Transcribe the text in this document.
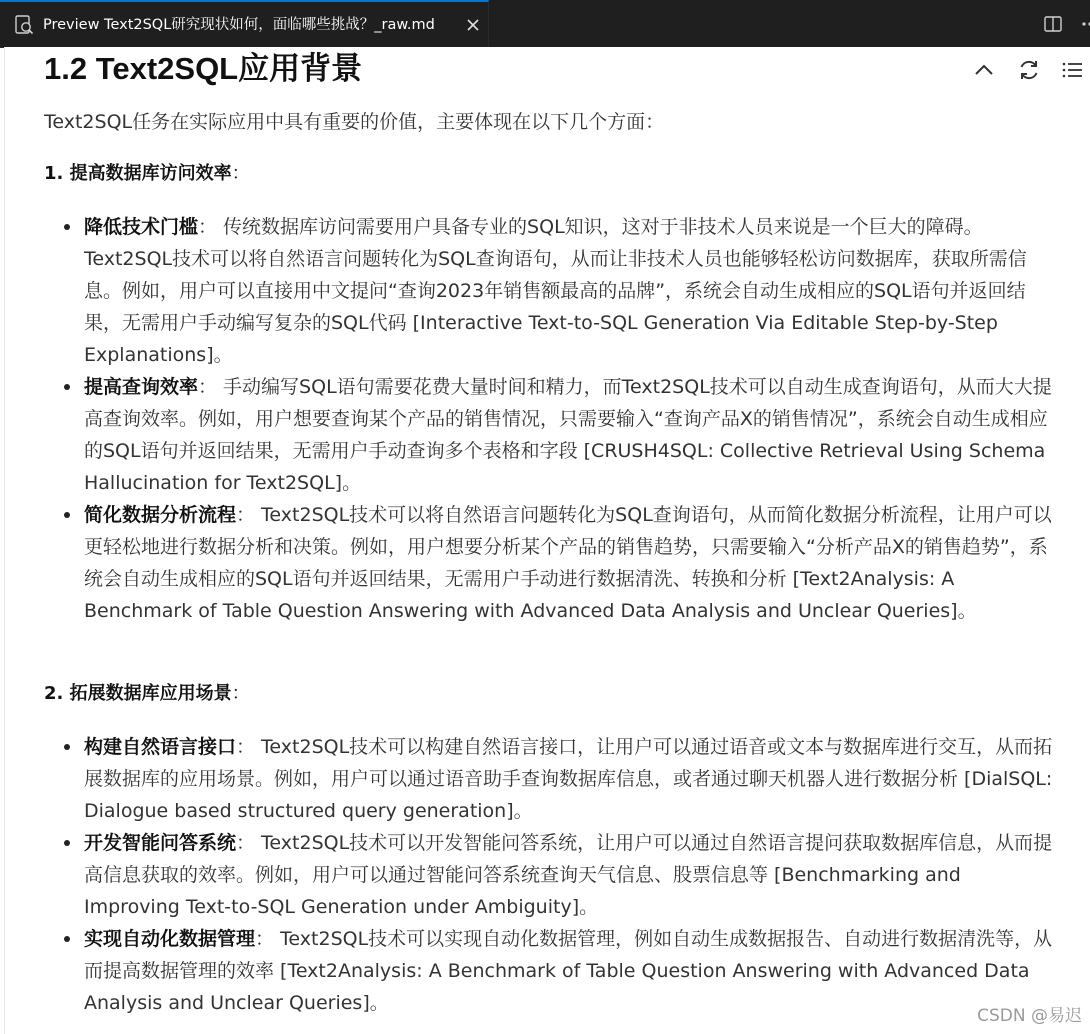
Preview Text2SQL研究现状如何，面临哪些挑战？_raw.md
1.2 Text2SQL应用背景

Text2SQL任务在实际应用中具有重要的价值，主要体现在以下几个方面：

1. 提高数据库访问效率：

降低技术门槛： 传统数据库访问需要用户具备专业的SQL知识，这对于非技术人员来说是一个巨大的障碍。Text2SQL技术可以将自然语言问题转化为SQL查询语句，从而让非技术人员也能够轻松访问数据库，获取所需信息。例如，用户可以直接用中文提问“查询2023年销售额最高的品牌”，系统会自动生成相应的SQL语句并返回结果，无需用户手动编写复杂的SQL代码 [Interactive Text-to-SQL Generation Via Editable Step-by-Step Explanations]。
提高查询效率： 手动编写SQL语句需要花费大量时间和精力，而Text2SQL技术可以自动生成查询语句，从而大大提高查询效率。例如，用户想要查询某个产品的销售情况，只需要输入“查询产品X的销售情况”，系统会自动生成相应的SQL语句并返回结果，无需用户手动查询多个表格和字段 [CRUSH4SQL: Collective Retrieval Using Schema Hallucination for Text2SQL]。
简化数据分析流程： Text2SQL技术可以将自然语言问题转化为SQL查询语句，从而简化数据分析流程，让用户可以更轻松地进行数据分析和决策。例如，用户想要分析某个产品的销售趋势，只需要输入“分析产品X的销售趋势”，系统会自动生成相应的SQL语句并返回结果，无需用户手动进行数据清洗、转换和分析 [Text2Analysis: A Benchmark of Table Question Answering with Advanced Data Analysis and Unclear Queries]。

2. 拓展数据库应用场景：

构建自然语言接口： Text2SQL技术可以构建自然语言接口，让用户可以通过语音或文本与数据库进行交互，从而拓展数据库的应用场景。例如，用户可以通过语音助手查询数据库信息，或者通过聊天机器人进行数据分析 [DialSQL: Dialogue based structured query generation]。
开发智能问答系统： Text2SQL技术可以开发智能问答系统，让用户可以通过自然语言提问获取数据库信息，从而提高信息获取的效率。例如，用户可以通过智能问答系统查询天气信息、股票信息等 [Benchmarking and Improving Text-to-SQL Generation under Ambiguity]。
实现自动化数据管理： Text2SQL技术可以实现自动化数据管理，例如自动生成数据报告、自动进行数据清洗等，从而提高数据管理的效率 [Text2Analysis: A Benchmark of Table Question Answering with Advanced Data Analysis and Unclear Queries]。
CSDN @易迟
